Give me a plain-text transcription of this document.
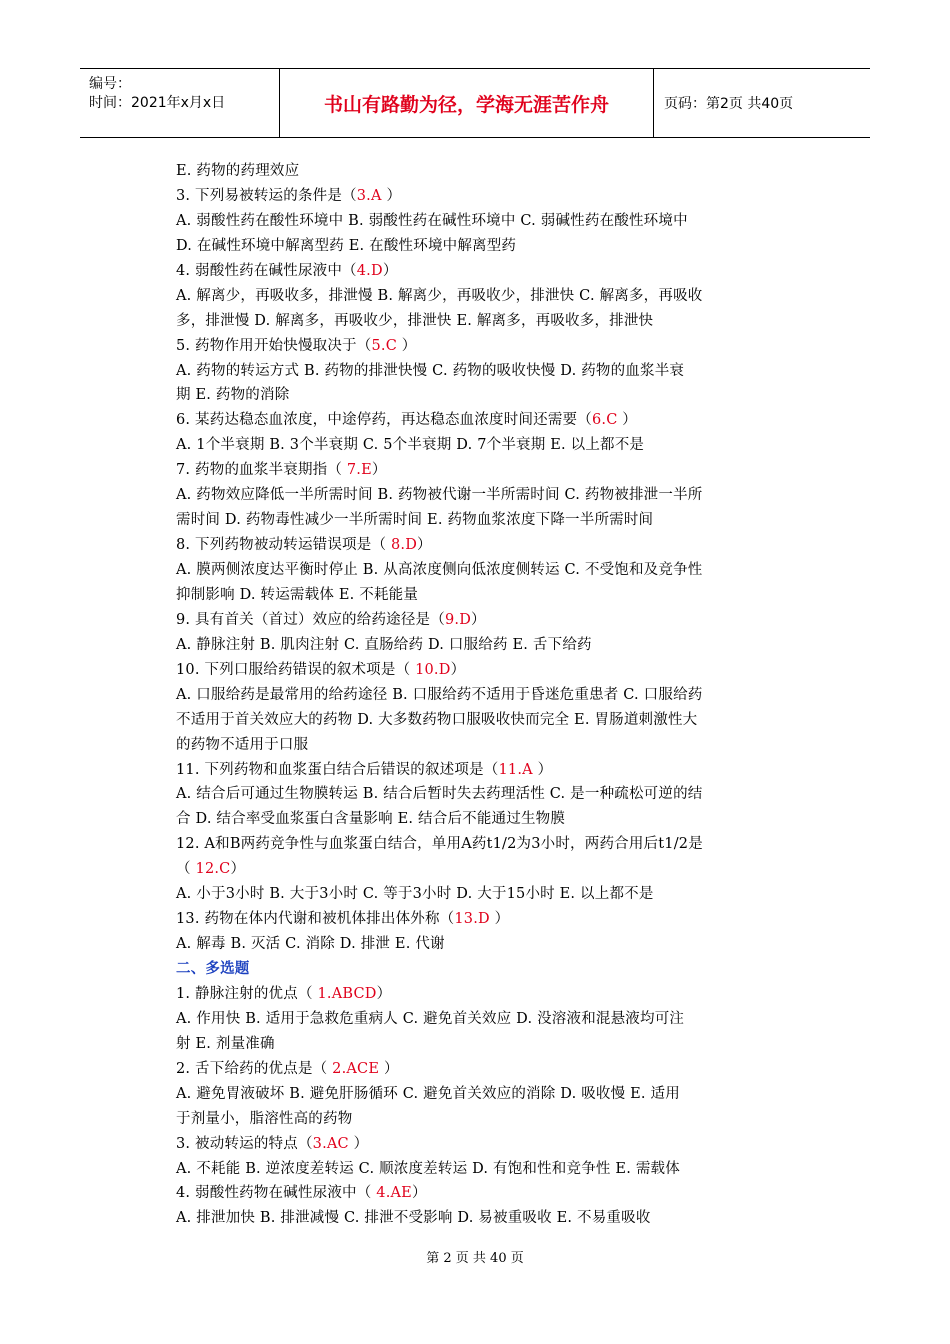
编号：
时间：2021年x月x日	书山有路勤为径，学海无涯苦作舟	页码：第2页 共40页
E. 药物的药理效应
3. 下列易被转运的条件是（3.A ）
A. 弱酸性药在酸性环境中 B. 弱酸性药在碱性环境中 C. 弱碱性药在酸性环境中
D. 在碱性环境中解离型药 E. 在酸性环境中解离型药
4. 弱酸性药在碱性尿液中（4.D）
A. 解离少，再吸收多，排泄慢 B. 解离少，再吸收少，排泄快 C. 解离多，再吸收
多，排泄慢 D. 解离多，再吸收少，排泄快 E. 解离多，再吸收多，排泄快
5. 药物作用开始快慢取决于（5.C ）
A. 药物的转运方式 B. 药物的排泄快慢 C. 药物的吸收快慢 D. 药物的血浆半衰
期 E. 药物的消除
6. 某药达稳态血浓度，中途停药，再达稳态血浓度时间还需要（6.C ）
A. 1个半衰期 B. 3个半衰期 C. 5个半衰期 D. 7个半衰期 E. 以上都不是
7. 药物的血浆半衰期指（ 7.E）
A. 药物效应降低一半所需时间 B. 药物被代谢一半所需时间 C. 药物被排泄一半所
需时间 D. 药物毒性减少一半所需时间 E. 药物血浆浓度下降一半所需时间
8. 下列药物被动转运错误项是（ 8.D）
A. 膜两侧浓度达平衡时停止 B. 从高浓度侧向低浓度侧转运 C. 不受饱和及竞争性
抑制影响 D. 转运需载体 E. 不耗能量
9. 具有首关（首过）效应的给药途径是（9.D）
A. 静脉注射 B. 肌肉注射 C. 直肠给药 D. 口服给药 E. 舌下给药
10. 下列口服给药错误的叙术项是（ 10.D）
A. 口服给药是最常用的给药途径 B. 口服给药不适用于昏迷危重患者 C. 口服给药
不适用于首关效应大的药物 D. 大多数药物口服吸收快而完全 E. 胃肠道刺激性大
的药物不适用于口服
11. 下列药物和血浆蛋白结合后错误的叙述项是（11.A ）
A. 结合后可通过生物膜转运 B. 结合后暂时失去药理活性 C. 是一种疏松可逆的结
合 D. 结合率受血浆蛋白含量影响 E. 结合后不能通过生物膜
12. A和B两药竞争性与血浆蛋白结合，单用A药t1/2为3小时，两药合用后t1/2是
（ 12.C）
A. 小于3小时 B. 大于3小时 C. 等于3小时 D. 大于15小时 E. 以上都不是
13. 药物在体内代谢和被机体排出体外称（13.D ）
A. 解毒 B. 灭活 C. 消除 D. 排泄 E. 代谢
二、多选题
1. 静脉注射的优点（ 1.ABCD）
A. 作用快 B. 适用于急救危重病人 C. 避免首关效应 D. 没溶液和混悬液均可注
射 E. 剂量准确
2. 舌下给药的优点是（ 2.ACE ）
A. 避免胃液破坏 B. 避免肝肠循环 C. 避免首关效应的消除 D. 吸收慢 E. 适用
于剂量小，脂溶性高的药物
3. 被动转运的特点（3.AC ）
A. 不耗能 B. 逆浓度差转运 C. 顺浓度差转运 D. 有饱和性和竞争性 E. 需载体
4. 弱酸性药物在碱性尿液中（ 4.AE）
A. 排泄加快 B. 排泄减慢 C. 排泄不受影响 D. 易被重吸收 E. 不易重吸收
第 2 页 共 40 页
